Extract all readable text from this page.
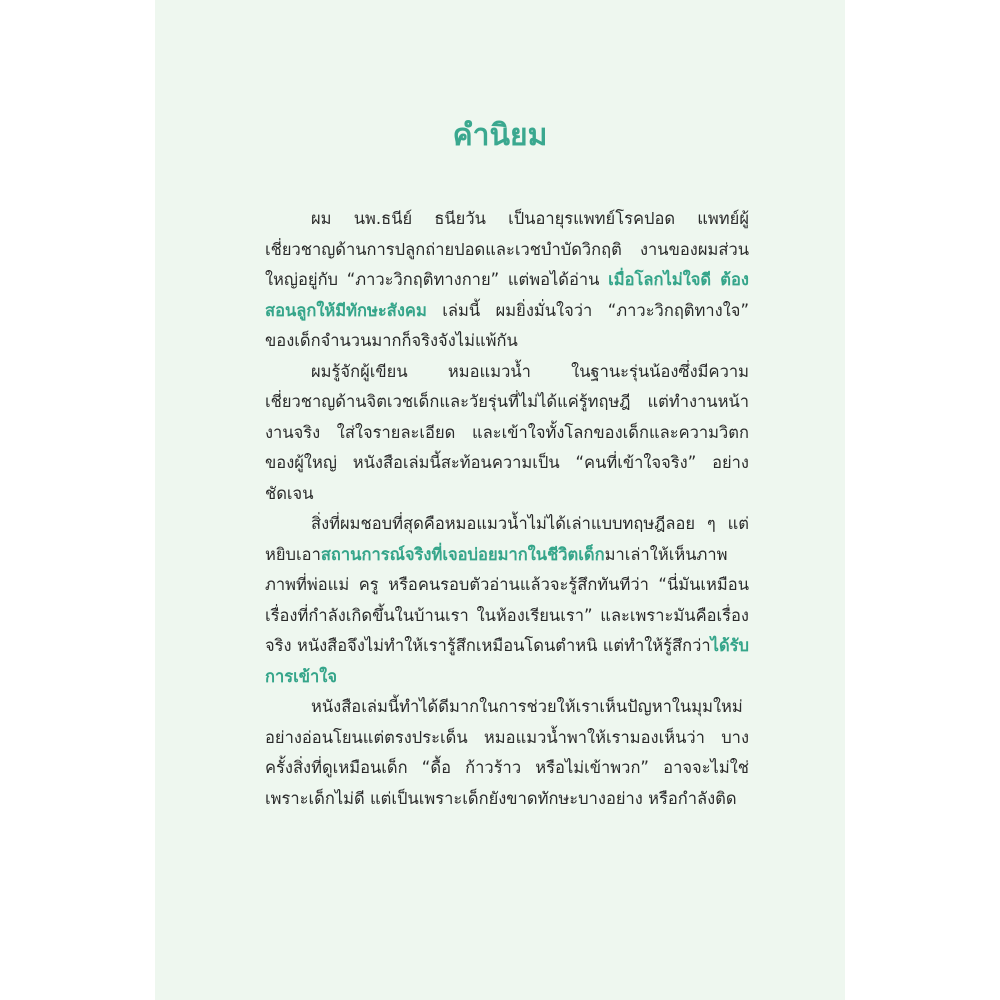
คำนิยม

ผม นพ.ธนีย์ ธนียวัน เป็นอายุรแพทย์โรคปอด แพทย์ผู้เชี่ยวชาญด้านการปลูกถ่ายปอดและเวชบำบัดวิกฤติ งานของผมส่วนใหญ่อยู่กับ “ภาวะวิกฤติทางกาย” แต่พอได้อ่าน เมื่อโลกไม่ใจดี ต้องสอนลูกให้มีทักษะสังคม เล่มนี้ ผมยิ่งมั่นใจว่า “ภาวะวิกฤติทางใจ” ของเด็กจำนวนมากก็จริงจังไม่แพ้กัน

ผมรู้จักผู้เขียน หมอแมวน้ำ ในฐานะรุ่นน้องซึ่งมีความเชี่ยวชาญด้านจิตเวชเด็กและวัยรุ่นที่ไม่ได้แค่รู้ทฤษฎี แต่ทำงานหน้างานจริง ใส่ใจรายละเอียด และเข้าใจทั้งโลกของเด็กและความวิตกของผู้ใหญ่ หนังสือเล่มนี้สะท้อนความเป็น “คนที่เข้าใจจริง” อย่างชัดเจน

สิ่งที่ผมชอบที่สุดคือหมอแมวน้ำไม่ได้เล่าแบบทฤษฎีลอย ๆ แต่หยิบเอาสถานการณ์จริงที่เจอบ่อยมากในชีวิตเด็กมาเล่าให้เห็นภาพ ภาพที่พ่อแม่ ครู หรือคนรอบตัวอ่านแล้วจะรู้สึกทันทีว่า “นี่มันเหมือนเรื่องที่กำลังเกิดขึ้นในบ้านเรา ในห้องเรียนเรา” และเพราะมันคือเรื่องจริง หนังสือจึงไม่ทำให้เรารู้สึกเหมือนโดนตำหนิ แต่ทำให้รู้สึกว่าได้รับการเข้าใจ

หนังสือเล่มนี้ทำได้ดีมากในการช่วยให้เราเห็นปัญหาในมุมใหม่อย่างอ่อนโยนแต่ตรงประเด็น หมอแมวน้ำพาให้เรามองเห็นว่า บางครั้งสิ่งที่ดูเหมือนเด็ก “ดื้อ ก้าวร้าว หรือไม่เข้าพวก” อาจจะไม่ใช่เพราะเด็กไม่ดี แต่เป็นเพราะเด็กยังขาดทักษะบางอย่าง หรือกำลังติด
